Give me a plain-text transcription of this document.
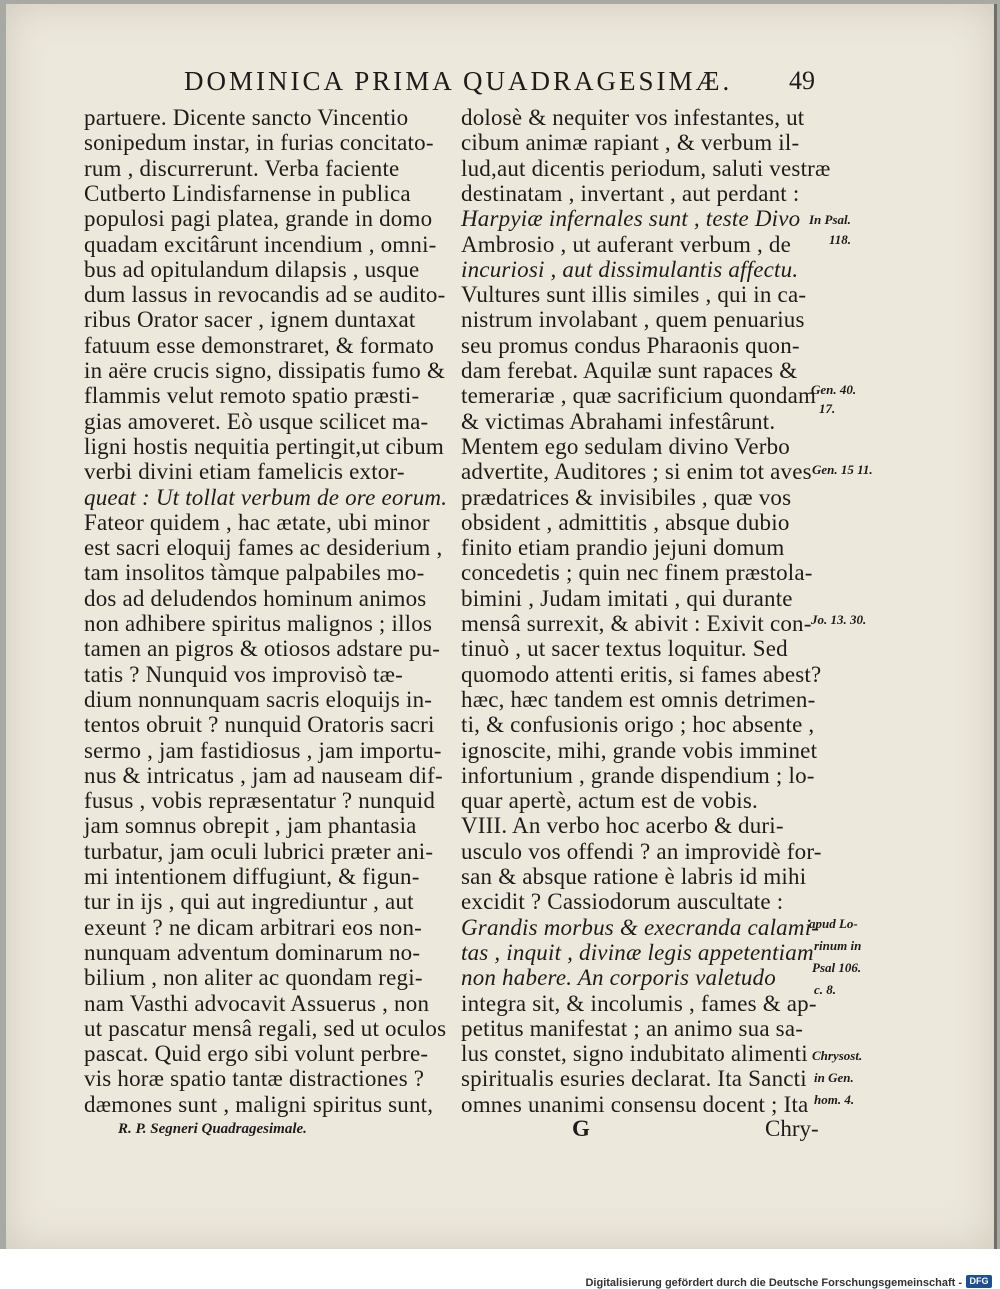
DOMINICA PRIMA QUADRAGESIMÆ. 49
partuere. Dicente sancto Vincentio
sonipedum instar, in furias concitato-
rum , discurrerunt. Verba faciente
Cutberto Lindisfarnense in publica
populosi pagi platea, grande in domo
quadam excitârunt incendium , omni-
bus ad opitulandum dilapsis , usque
dum lassus in revocandis ad se audito-
ribus Orator sacer , ignem duntaxat
fatuum esse demonstraret, & formato
in aëre crucis signo, dissipatis fumo &
flammis velut remoto spatio præsti-
gias amoveret. Eò usque scilicet ma-
ligni hostis nequitia pertingit,ut cibum
verbi divini etiam famelicis extor-
queat : Ut tollat verbum de ore eorum.
Fateor quidem , hac ætate, ubi minor
est sacri eloquij fames ac desiderium ,
tam insolitos tàmque palpabiles mo-
dos ad deludendos hominum animos
non adhibere spiritus malignos ; illos
tamen an pigros & otiosos adstare pu-
tatis ? Nunquid vos improvisò tæ-
dium nonnunquam sacris eloquijs in-
tentos obruit ? nunquid Oratoris sacri
sermo , jam fastidiosus , jam importu-
nus & intricatus , jam ad nauseam dif-
fusus , vobis repræsentatur ? nunquid
jam somnus obrepit , jam phantasia
turbatur, jam oculi lubrici præter ani-
mi intentionem diffugiunt, & figun-
tur in ijs , qui aut ingrediuntur , aut
exeunt ? ne dicam arbitrari eos non-
nunquam adventum dominarum no-
bilium , non aliter ac quondam regi-
nam Vasthi advocavit Assuerus , non
ut pascatur mensâ regali, sed ut oculos
pascat. Quid ergo sibi volunt perbre-
vis horæ spatio tantæ distractiones ?
dæmones sunt , maligni spiritus sunt,
dolosè & nequiter vos infestantes, ut
cibum animæ rapiant , & verbum il-
lud,aut dicentis periodum, saluti vestræ
destinatam , invertant , aut perdant :
Harpyiæ infernales sunt , teste Divo
Ambrosio , ut auferant verbum , de
incuriosi , aut dissimulantis affectu.
Vultures sunt illis similes , qui in ca-
nistrum involabant , quem penuarius
seu promus condus Pharaonis quon-
dam ferebat. Aquilæ sunt rapaces &
temerariæ , quæ sacrificium quondam
& victimas Abrahami infestârunt.
Mentem ego sedulam divino Verbo
advertite, Auditores ; si enim tot aves
prædatrices & invisibiles , quæ vos
obsident , admittitis , absque dubio
finito etiam prandio jejuni domum
concedetis ; quin nec finem præstola-
bimini , Judam imitati , qui durante
mensâ surrexit, & abivit : Exivit con-
tinuò , ut sacer textus loquitur. Sed
quomodo attenti eritis, si fames abest?
hæc, hæc tandem est omnis detrimen-
ti, & confusionis origo ; hoc absente ,
ignoscite, mihi, grande vobis imminet
infortunium , grande dispendium ; lo-
quar apertè, actum est de vobis.
VIII. An verbo hoc acerbo & duri-
usculo vos offendi ? an improvidè for-
san & absque ratione è labris id mihi
excidit ? Cassiodorum auscultate :
Grandis morbus & execranda calami-
tas , inquit , divinæ legis appetentiam
non habere. An corporis valetudo
integra sit, & incolumis , fames & ap-
petitus manifestat ; an animo sua sa-
lus constet, signo indubitato alimenti
spiritualis esuries declarat. Ita Sancti
omnes unanimi consensu docent ; Ita
In Psal.
118.
Gen. 40.
17.
Gen. 15 11.
Jo. 13. 30.
apud Lo-
rinum in
Psal 106.
c. 8.
Chrysost.
in Gen.
hom. 4.
R. P. Segneri Quadragesimale.	G	Chry-
Digitalisierung gefördert durch die Deutsche Forschungsgemeinschaft - DFG
